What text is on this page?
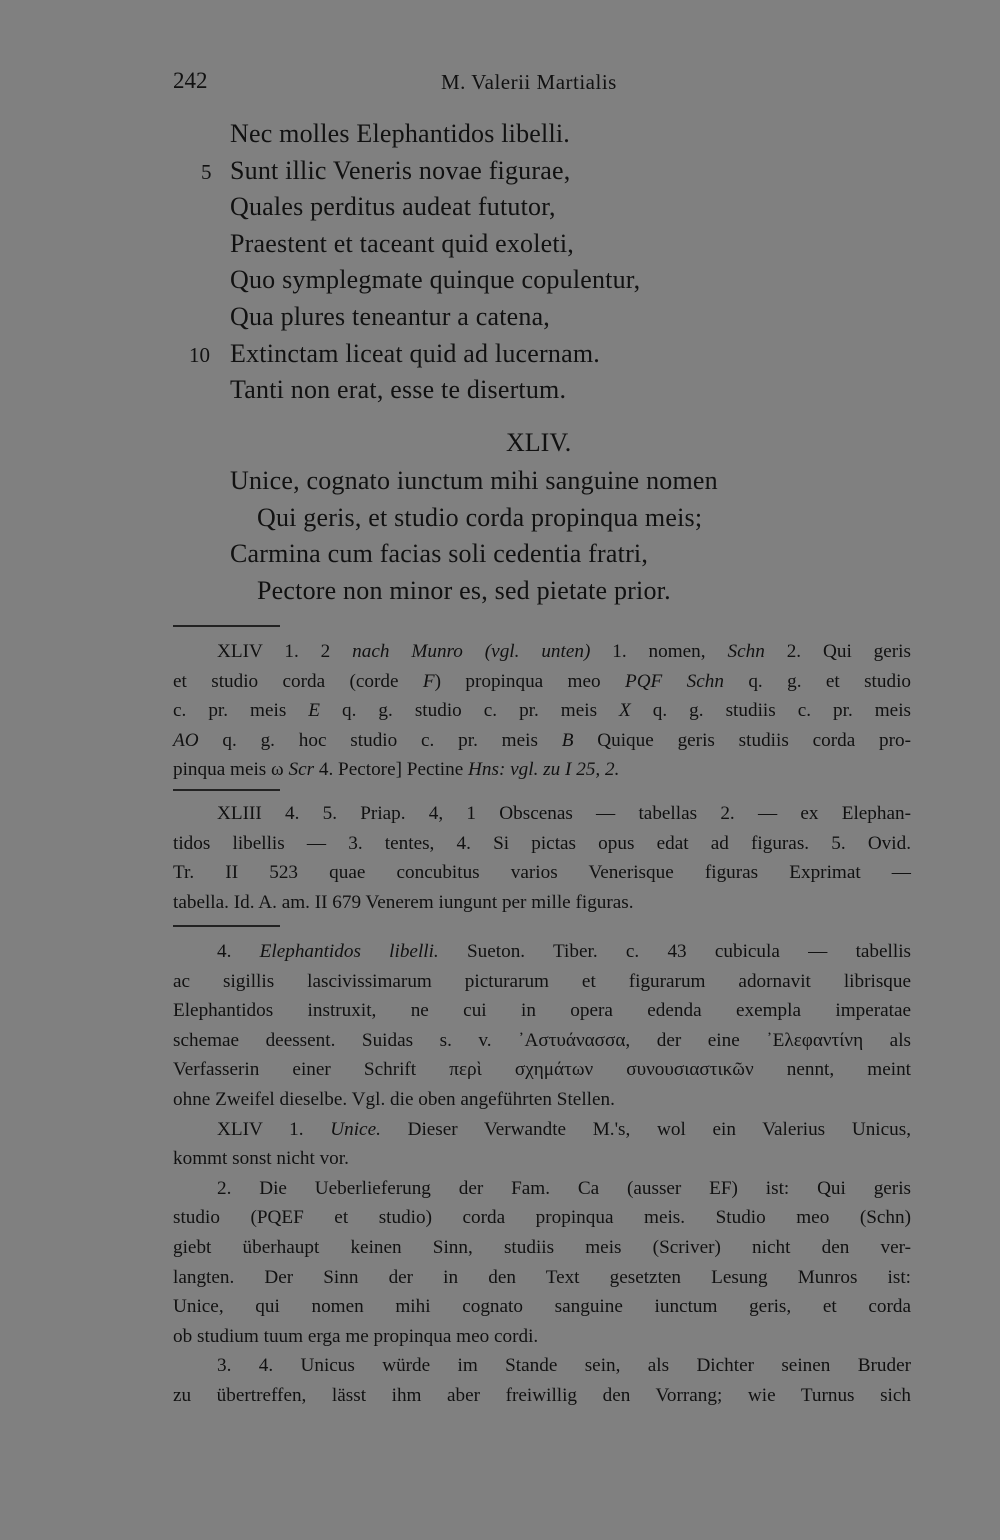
242	M. Valerii Martialis
Nec molles Elephantidos libelli.
5 Sunt illic Veneris novae figurae,
Quales perditus audeat fututor,
Praestent et taceant quid exoleti,
Quo symplegmate quinque copulentur,
Qua plures teneantur a catena,
10 Extinctam liceat quid ad lucernam.
Tanti non erat, esse te disertum.
XLIV.
Unice, cognato iunctum mihi sanguine nomen
Qui geris, et studio corda propinqua meis;
Carmina cum facias soli cedentia fratri,
Pectore non minor es, sed pietate prior.
XLIV 1. 2 nach Munro (vgl. unten) 1. nomen, Schn 2. Qui geris
et studio corda (corde F) propinqua meo PQF Schn q. g. et studio
c. pr. meis E q. g. studio c. pr. meis X q. g. studiis c. pr. meis
AO q. g. hoc studio c. pr. meis B Quique geris studiis corda pro-
pinqua meis ω Scr 4. Pectore] Pectine Hns: vgl. zu I 25, 2.
XLIII 4. 5. Priap. 4, 1 Obscenas — tabellas 2. — ex Elephan-
tidos libellis — 3. tentes, 4. Si pictas opus edat ad figuras. 5. Ovid.
Tr. II 523 quae concubitus varios Venerisque figuras Exprimat —
tabella. Id. A. am. II 679 Venerem iungunt per mille figuras.
4. Elephantidos libelli. Sueton. Tiber. c. 43 cubicula — tabellis
ac sigillis lascivissimarum picturarum et figurarum adornavit librisque
Elephantidos instruxit, ne cui in opera edenda exempla imperatae
schemae deessent. Suidas s. v. ᾿Αστυάνασσα, der eine ᾿Ελεφαντίνη als
Verfasserin einer Schrift περὶ σχημάτων συνουσιαστικῶν nennt, meint
ohne Zweifel dieselbe. Vgl. die oben angeführten Stellen.
XLIV 1. Unice. Dieser Verwandte M.'s, wol ein Valerius Unicus,
kommt sonst nicht vor.
2. Die Ueberlieferung der Fam. Ca (ausser EF) ist: Qui geris
studio (PQEF et studio) corda propinqua meis. Studio meo (Schn)
giebt überhaupt keinen Sinn, studiis meis (Scriver) nicht den ver-
langten. Der Sinn der in den Text gesetzten Lesung Munros ist:
Unice, qui nomen mihi cognato sanguine iunctum geris, et corda
ob studium tuum erga me propinqua meo cordi.
3. 4. Unicus würde im Stande sein, als Dichter seinen Bruder
zu übertreffen, lässt ihm aber freiwillig den Vorrang; wie Turnus sich
